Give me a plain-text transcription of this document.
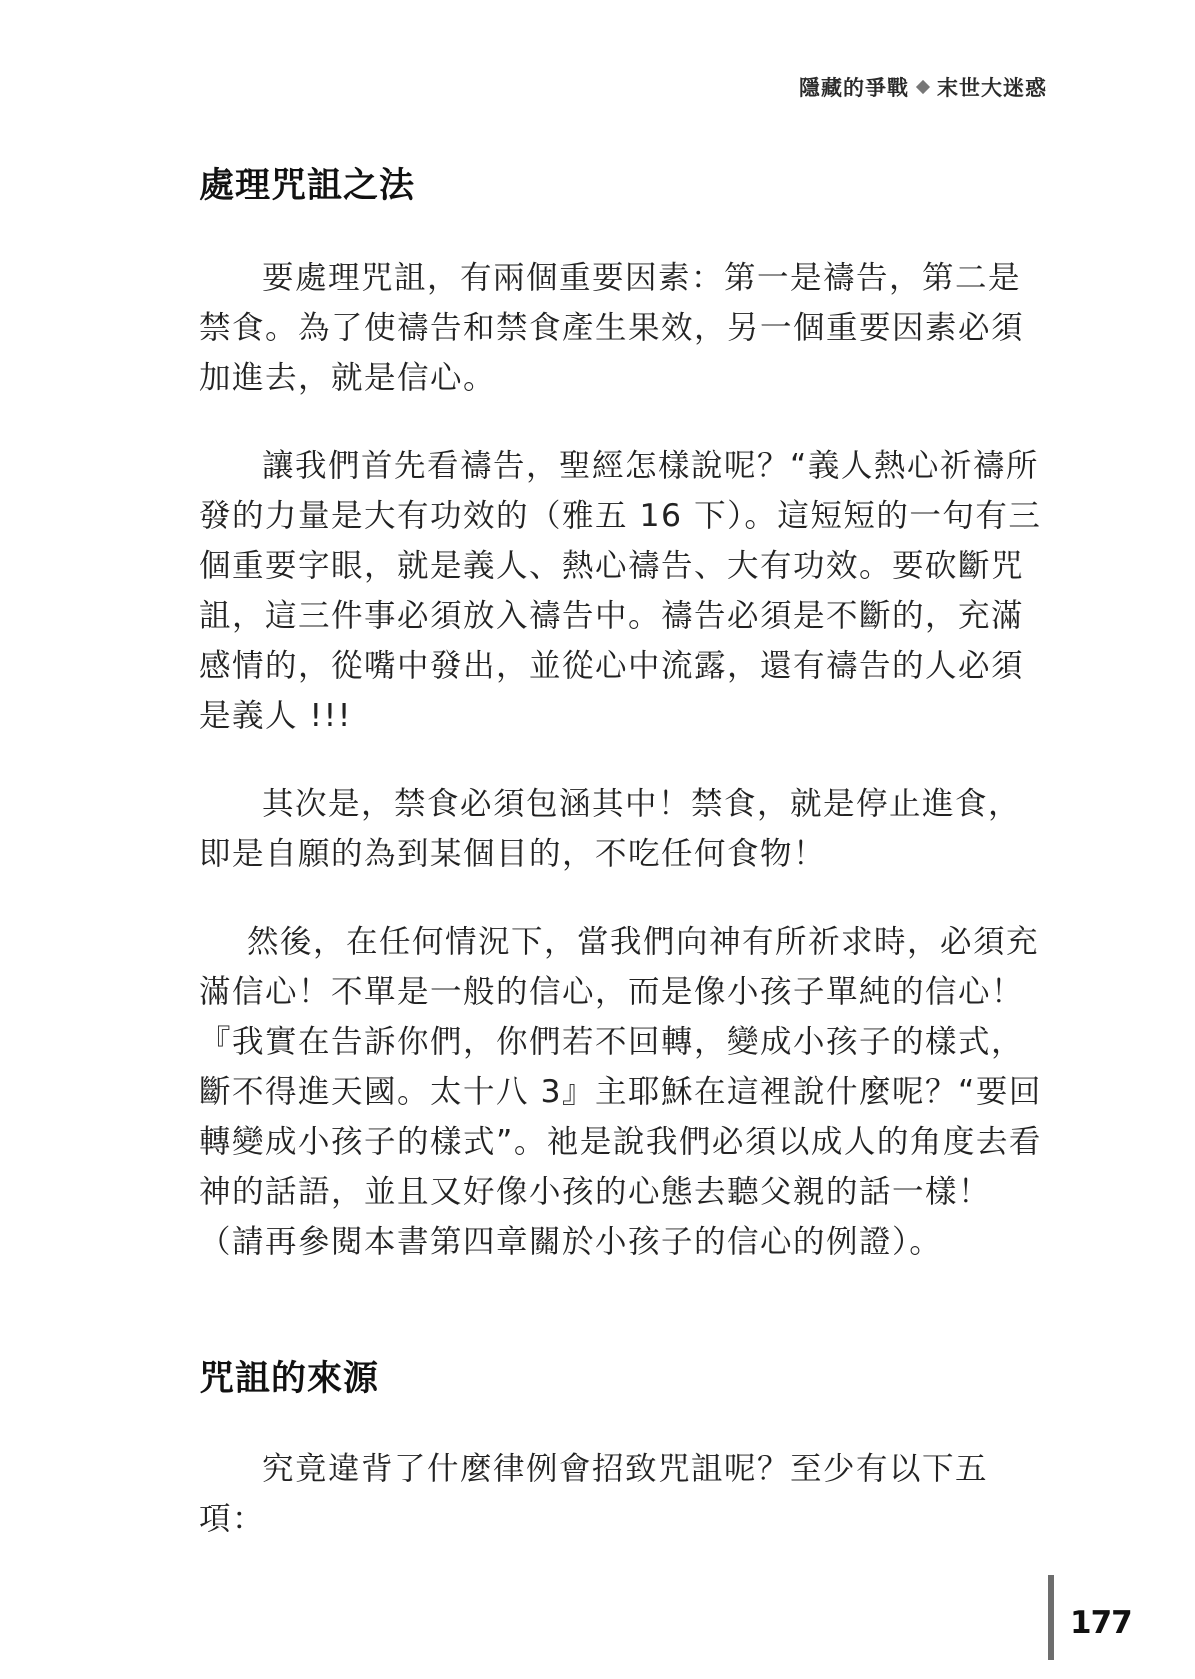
隱藏的爭戰 末世大迷惑
處理咒詛之法

要處理咒詛，有兩個重要因素：第一是禱告，第二是禁食。為了使禱告和禁食產生果效，另一個重要因素必須加進去，就是信心。

讓我們首先看禱告，聖經怎樣說呢？“義人熱心祈禱所發的力量是大有功效的（雅五 16 下）。這短短的一句有三個重要字眼，就是義人、熱心禱告、大有功效。要砍斷咒詛，這三件事必須放入禱告中。禱告必須是不斷的，充滿感情的，從嘴中發出，並從心中流露，還有禱告的人必須是義人 !!!

其次是，禁食必須包涵其中！禁食，就是停止進食，即是自願的為到某個目的，不吃任何食物！

然後，在任何情況下，當我們向神有所祈求時，必須充滿信心！不單是一般的信心，而是像小孩子單純的信心！『我實在告訴你們，你們若不回轉，變成小孩子的樣式，斷不得進天國。太十八 3』主耶穌在這裡說什麼呢？“要回轉變成小孩子的樣式”。祂是說我們必須以成人的角度去看神的話語，並且又好像小孩的心態去聽父親的話一樣！（請再參閱本書第四章關於小孩子的信心的例證）。

咒詛的來源

究竟違背了什麼律例會招致咒詛呢？至少有以下五項：

177
